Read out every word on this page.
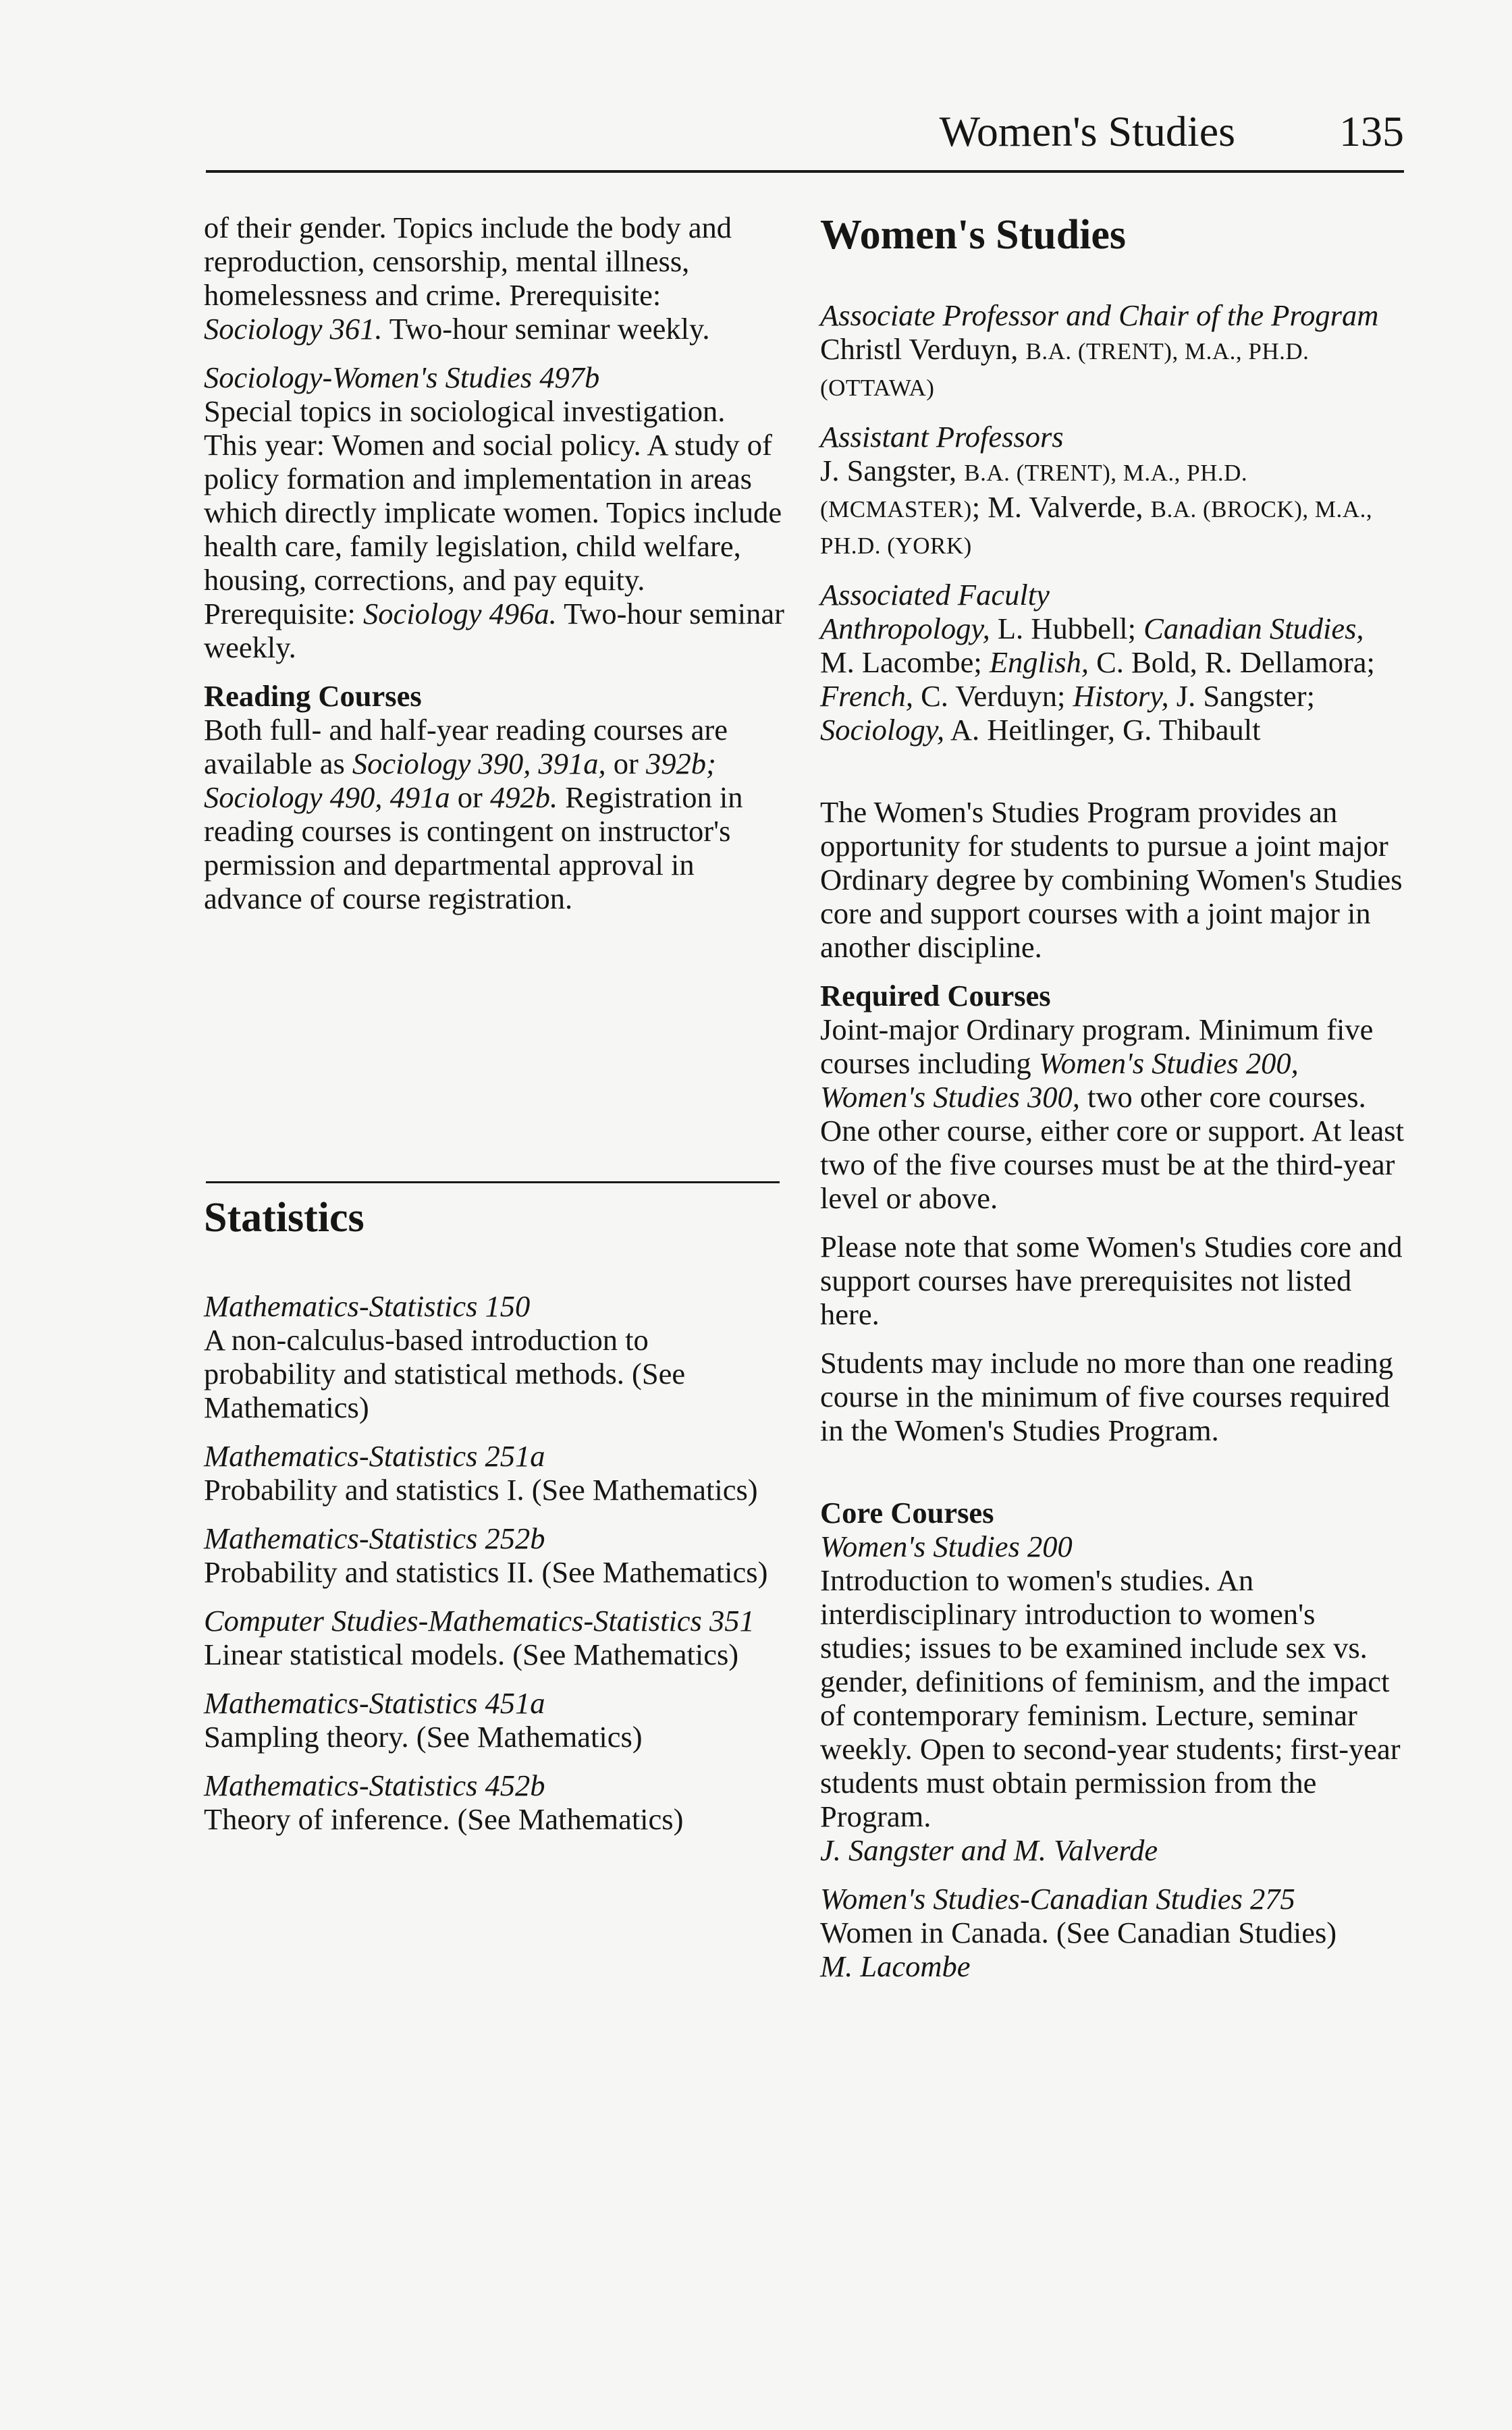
Women's Studies 135

of their gender. Topics include the body and reproduction, censorship, mental illness, homelessness and crime. Prerequisite: Sociology 361. Two-hour seminar weekly.

Sociology-Women's Studies 497b

Special topics in sociological investigation. This year: Women and social policy. A study of policy formation and implementation in areas which directly implicate women. Topics include health care, family legislation, child welfare, housing, corrections, and pay equity. Prerequisite: Sociology 496a. Two-hour seminar weekly.

Reading Courses

Both full- and half-year reading courses are available as Sociology 390, 391a, or 392b; Sociology 490, 491a or 492b. Registration in reading courses is contingent on instructor's permission and departmental approval in advance of course registration.

Statistics

Mathematics-Statistics 150

A non-calculus-based introduction to probability and statistical methods. (See Mathematics)

Mathematics-Statistics 251a

Probability and statistics I. (See Mathematics)

Mathematics-Statistics 252b

Probability and statistics II. (See Mathematics)

Computer Studies-Mathematics-Statistics 351

Linear statistical models. (See Mathematics)

Mathematics-Statistics 451a

Sampling theory. (See Mathematics)

Mathematics-Statistics 452b

Theory of inference. (See Mathematics)

Women's Studies

Associate Professor and Chair of the Program

Christl Verduyn, B.A. (TRENT), M.A., PH.D. (OTTAWA)

Assistant Professors

J. Sangster, B.A. (TRENT), M.A., PH.D. (MCMASTER); M. Valverde, B.A. (BROCK), M.A., PH.D. (YORK)

Associated Faculty

Anthropology, L. Hubbell; Canadian Studies, M. Lacombe; English, C. Bold, R. Dellamora; French, C. Verduyn; History, J. Sangster; Sociology, A. Heitlinger, G. Thibault

The Women's Studies Program provides an opportunity for students to pursue a joint major Ordinary degree by combining Women's Studies core and support courses with a joint major in another discipline.

Required Courses

Joint-major Ordinary program. Minimum five courses including Women's Studies 200, Women's Studies 300, two other core courses. One other course, either core or support. At least two of the five courses must be at the third-year level or above.

Please note that some Women's Studies core and support courses have prerequisites not listed here.

Students may include no more than one reading course in the minimum of five courses required in the Women's Studies Program.

Core Courses

Women's Studies 200

Introduction to women's studies. An interdisciplinary introduction to women's studies; issues to be examined include sex vs. gender, definitions of feminism, and the impact of contemporary feminism. Lecture, seminar weekly. Open to second-year students; first-year students must obtain permission from the Program.

J. Sangster and M. Valverde

Women's Studies-Canadian Studies 275

Women in Canada. (See Canadian Studies)

M. Lacombe
